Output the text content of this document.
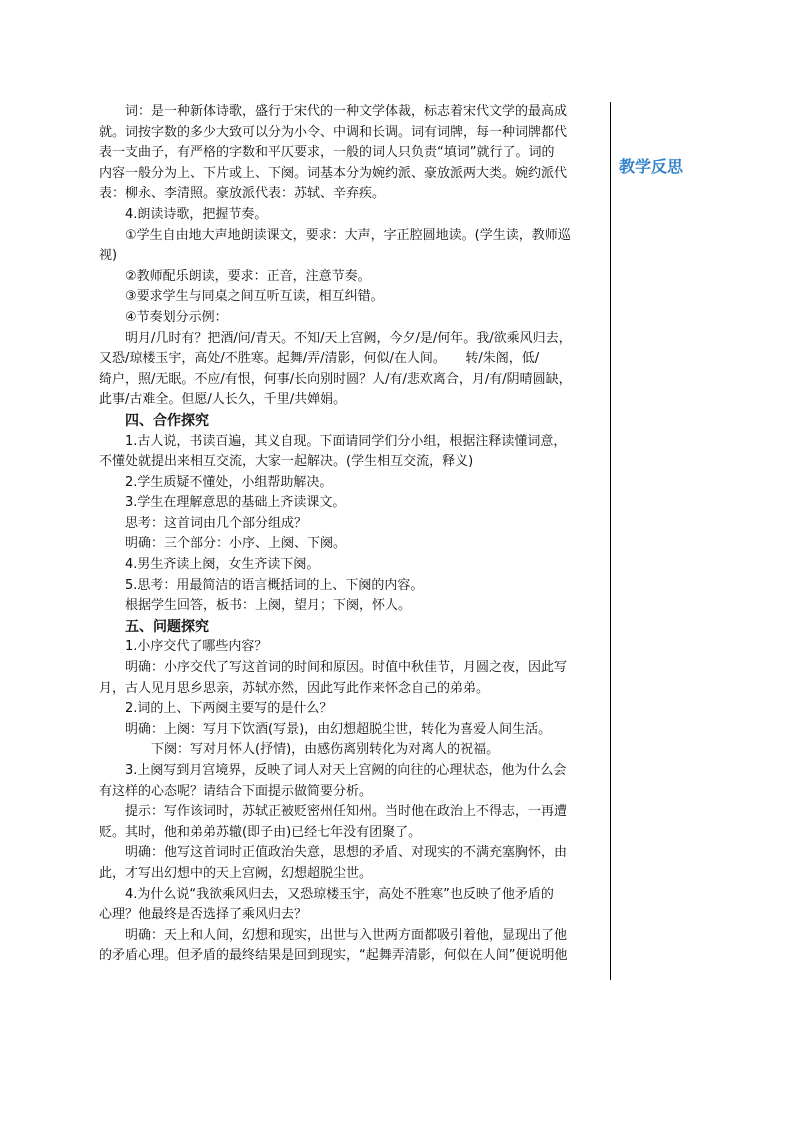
词：是一种新体诗歌，盛行于宋代的一种文学体裁，标志着宋代文学的最高成
就。词按字数的多少大致可以分为小令、中调和长调。词有词牌，每一种词牌都代
表一支曲子，有严格的字数和平仄要求，一般的词人只负责“填词”就行了。词的
内容一般分为上、下片或上、下阕。词基本分为婉约派、豪放派两大类。婉约派代
表：柳永、李清照。豪放派代表：苏轼、辛弃疾。
4.朗读诗歌，把握节奏。
①学生自由地大声地朗读课文，要求：大声，字正腔圆地读。(学生读，教师巡
视)
②教师配乐朗读，要求：正音，注意节奏。
③要求学生与同桌之间互听互读，相互纠错。
④节奏划分示例：
明月/几时有？把酒/问/青天。不知/天上宫阙，今夕/是/何年。我/欲乘风归去，
又恐/琼楼玉宇，高处/不胜寒。起舞/弄/清影，何似/在人间。　　转/朱阁，低/
绮户，照/无眠。不应/有恨，何事/长向别时圆？人/有/悲欢离合，月/有/阴晴圆缺，
此事/古难全。但愿/人长久，千里/共婵娟。
四、合作探究
1.古人说，书读百遍，其义自现。下面请同学们分小组，根据注释读懂词意，
不懂处就提出来相互交流，大家一起解决。(学生相互交流，释义)
2.学生质疑不懂处，小组帮助解决。
3.学生在理解意思的基础上齐读课文。
思考：这首词由几个部分组成？
明确：三个部分：小序、上阕、下阕。
4.男生齐读上阕，女生齐读下阕。
5.思考：用最简洁的语言概括词的上、下阕的内容。
根据学生回答，板书：上阕，望月；下阕，怀人。
五、问题探究
1.小序交代了哪些内容？
明确：小序交代了写这首词的时间和原因。时值中秋佳节，月圆之夜，因此写
月，古人见月思乡思亲，苏轼亦然，因此写此作来怀念自己的弟弟。
2.词的上、下两阕主要写的是什么？
明确：上阕：写月下饮酒(写景)，由幻想超脱尘世，转化为喜爱人间生活。
下阕：写对月怀人(抒情)，由感伤离别转化为对离人的祝福。
3.上阕写到月宫境界，反映了词人对天上宫阙的向往的心理状态，他为什么会
有这样的心态呢？请结合下面提示做简要分析。
提示：写作该词时，苏轼正被贬密州任知州。当时他在政治上不得志，一再遭
贬。其时，他和弟弟苏辙(即子由)已经七年没有团聚了。
明确：他写这首词时正值政治失意，思想的矛盾、对现实的不满充塞胸怀，由
此，才写出幻想中的天上宫阙，幻想超脱尘世。
4.为什么说“我欲乘风归去，又恐琼楼玉宇，高处不胜寒”也反映了他矛盾的
心理？他最终是否选择了乘风归去？
明确：天上和人间，幻想和现实，出世与入世两方面都吸引着他，显现出了他
的矛盾心理。但矛盾的最终结果是回到现实，“起舞弄清影，何似在人间”便说明他
教学反思
